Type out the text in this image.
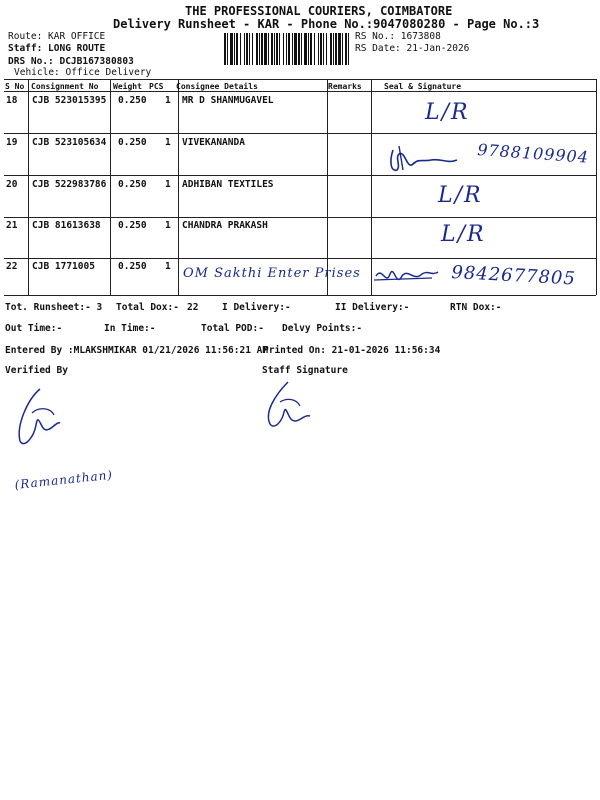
THE PROFESSIONAL COURIERS, COIMBATORE
Delivery Runsheet - KAR - Phone No.:9047080280 - Page No.:3
Route: KAR OFFICE
Staff: LONG ROUTE
DRS No.: DCJB167380803
Vehicle: Office Delivery
RS No.: 1673808
RS Date: 21-Jan-2026
S No Consignment No Weight PCS Consignee Details	Remarks	Seal & Signature
18 CJB 523015395 0.250 1 MR D SHANMUGAVEL	L/R
19 CJB 523105634 0.250 1 VIVEKANANDA	9788109904
20 CJB 522983786 0.250 1 ADHIBAN TEXTILES	L/R
21 CJB 81613638 0.250 1 CHANDRA PRAKASH	L/R
22 CJB 1771005 0.250 1 OM Sakthi Enter Prises	9842677805
Tot. Runsheet:- 3 Total Dox:- 22 I Delivery:-	II Delivery:-	RTN Dox:-
Out Time:-	In Time:-	Total POD:- Delvy Points:-
Entered By :MLAKSHMIKAR 01/21/2026 11:56:21 AM
Printed On: 21-01-2026 11:56:34
Verified By	Staff Signature
(Ramanathan)
